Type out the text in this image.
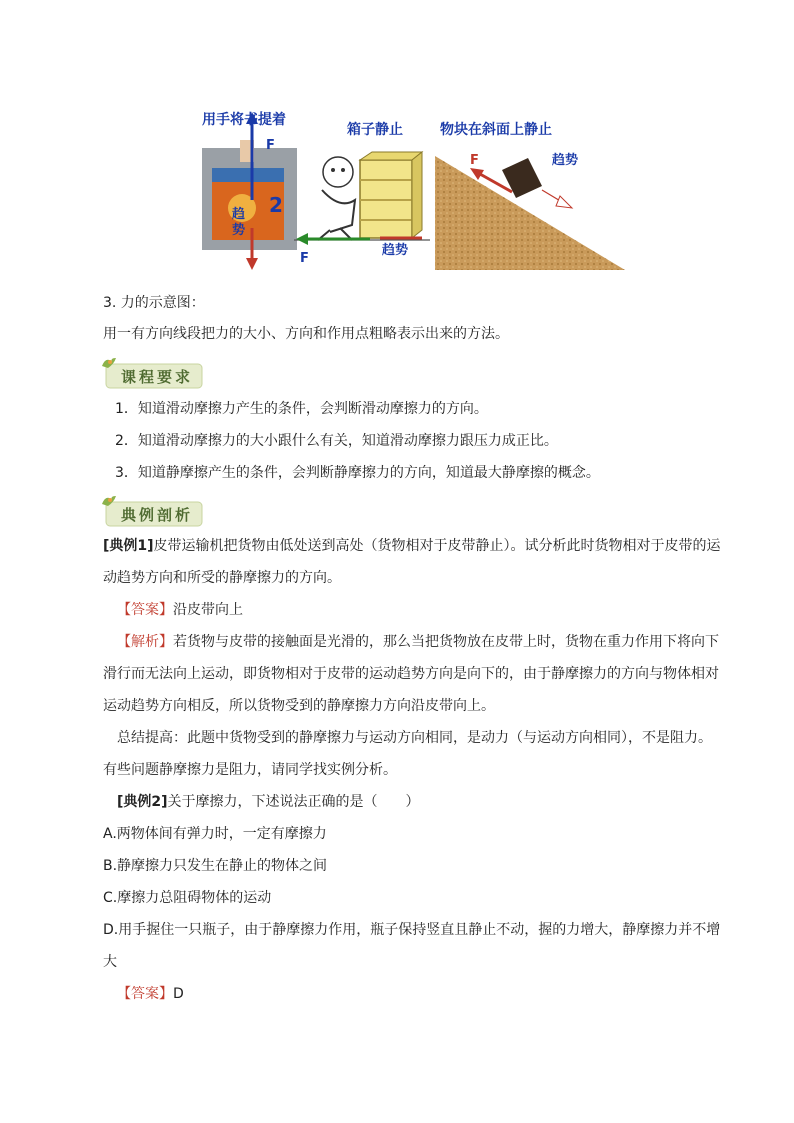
2
F
趋
势
用手将书提着
箱子静止
F
趋势
物块在斜面上静止
F	趋势
3. 力的示意图：
用一有方向线段把力的大小、方向和作用点粗略表示出来的方法。
课程要求
1．知道滑动摩擦力产生的条件，会判断滑动摩擦力的方向。
2．知道滑动摩擦力的大小跟什么有关，知道滑动摩擦力跟压力成正比。
3．知道静摩擦产生的条件，会判断静摩擦力的方向，知道最大静摩擦的概念。
典例剖析
[典例1]皮带运输机把货物由低处送到高处（货物相对于皮带静止）。试分析此时货物相对于皮带的运动趋势方向和所受的静摩擦力的方向。
【答案】沿皮带向上
【解析】若货物与皮带的接触面是光滑的，那么当把货物放在皮带上时，货物在重力作用下将向下滑行而无法向上运动，即货物相对于皮带的运动趋势方向是向下的，由于静摩擦力的方向与物体相对运动趋势方向相反，所以货物受到的静摩擦力方向沿皮带向上。
总结提高：此题中货物受到的静摩擦力与运动方向相同，是动力（与运动方向相同），不是阻力。有些问题静摩擦力是阻力，请同学找实例分析。
[典例2]关于摩擦力，下述说法正确的是（　　）
A.两物体间有弹力时，一定有摩擦力
B.静摩擦力只发生在静止的物体之间
C.摩擦力总阻碍物体的运动
D.用手握住一只瓶子，由于静摩擦力作用，瓶子保持竖直且静止不动，握的力增大，静摩擦力并不增大
【答案】D
